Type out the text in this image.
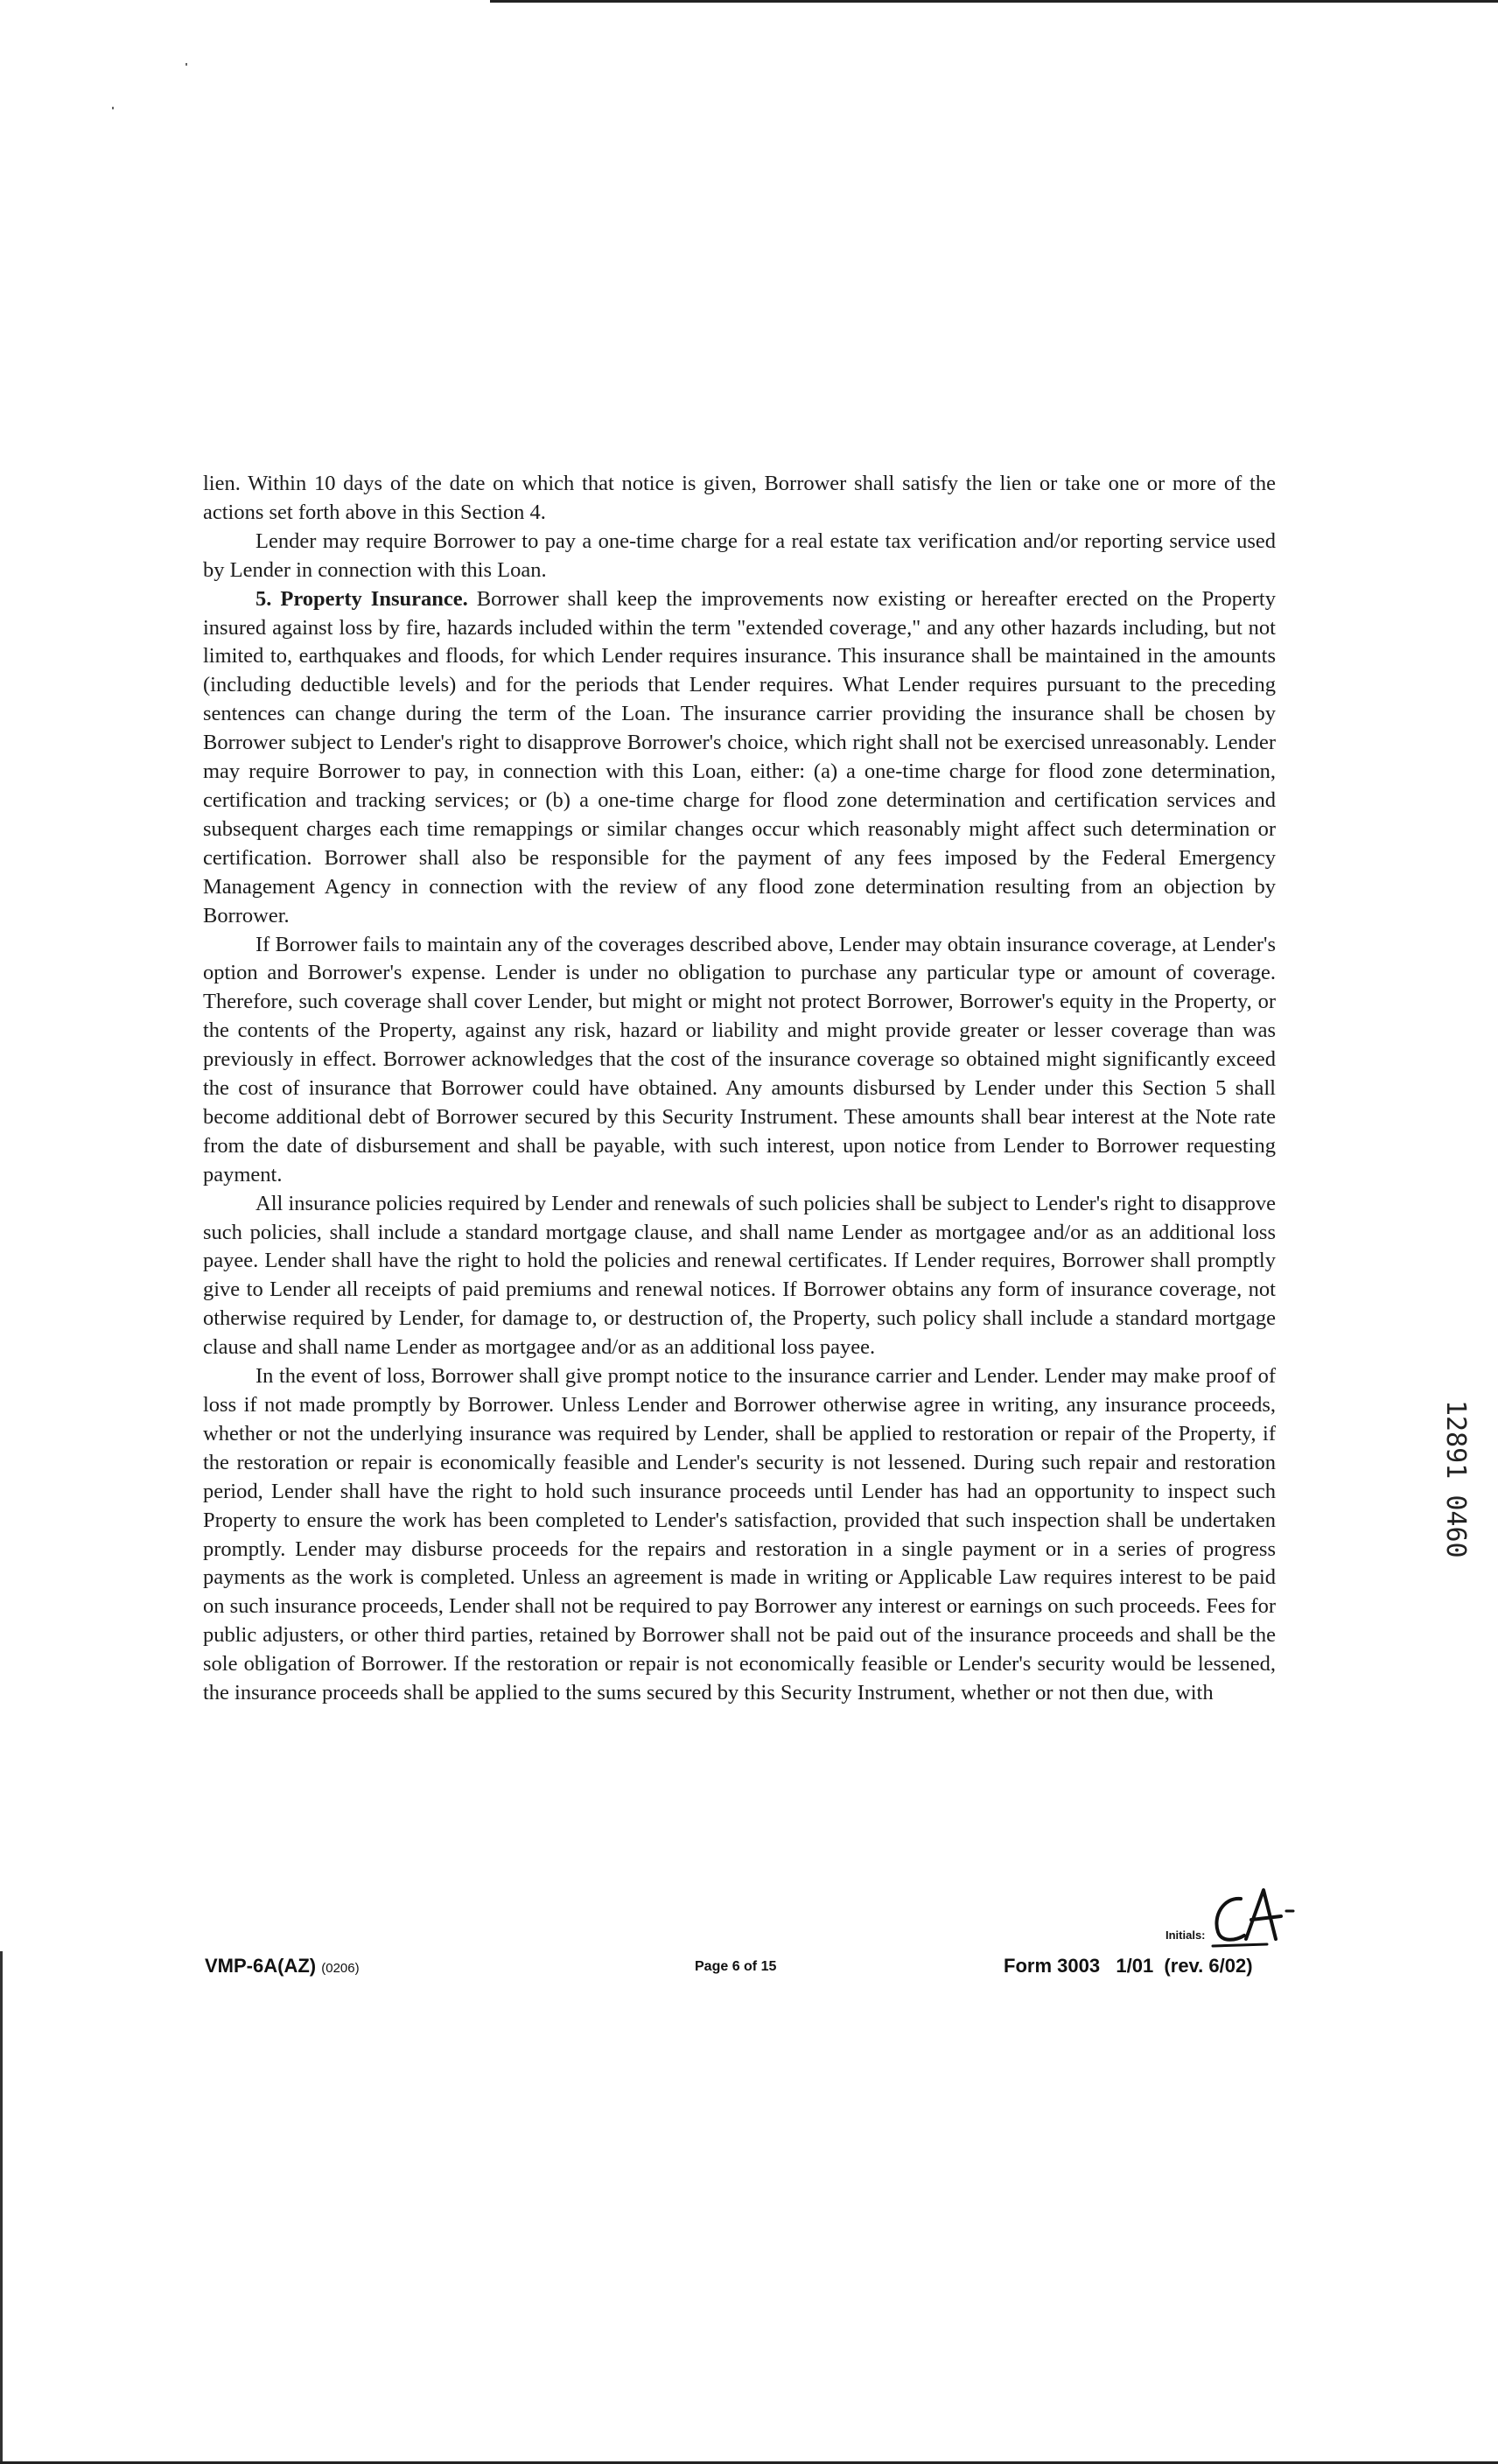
lien. Within 10 days of the date on which that notice is given, Borrower shall satisfy the lien or take one or more of the actions set forth above in this Section 4.

Lender may require Borrower to pay a one-time charge for a real estate tax verification and/or reporting service used by Lender in connection with this Loan.

5. Property Insurance. Borrower shall keep the improvements now existing or hereafter erected on the Property insured against loss by fire, hazards included within the term "extended coverage," and any other hazards including, but not limited to, earthquakes and floods, for which Lender requires insurance. This insurance shall be maintained in the amounts (including deductible levels) and for the periods that Lender requires. What Lender requires pursuant to the preceding sentences can change during the term of the Loan. The insurance carrier providing the insurance shall be chosen by Borrower subject to Lender's right to disapprove Borrower's choice, which right shall not be exercised unreasonably. Lender may require Borrower to pay, in connection with this Loan, either: (a) a one-time charge for flood zone determination, certification and tracking services; or (b) a one-time charge for flood zone determination and certification services and subsequent charges each time remappings or similar changes occur which reasonably might affect such determination or certification. Borrower shall also be responsible for the payment of any fees imposed by the Federal Emergency Management Agency in connection with the review of any flood zone determination resulting from an objection by Borrower.

If Borrower fails to maintain any of the coverages described above, Lender may obtain insurance coverage, at Lender's option and Borrower's expense. Lender is under no obligation to purchase any particular type or amount of coverage. Therefore, such coverage shall cover Lender, but might or might not protect Borrower, Borrower's equity in the Property, or the contents of the Property, against any risk, hazard or liability and might provide greater or lesser coverage than was previously in effect. Borrower acknowledges that the cost of the insurance coverage so obtained might significantly exceed the cost of insurance that Borrower could have obtained. Any amounts disbursed by Lender under this Section 5 shall become additional debt of Borrower secured by this Security Instrument. These amounts shall bear interest at the Note rate from the date of disbursement and shall be payable, with such interest, upon notice from Lender to Borrower requesting payment.

All insurance policies required by Lender and renewals of such policies shall be subject to Lender's right to disapprove such policies, shall include a standard mortgage clause, and shall name Lender as mortgagee and/or as an additional loss payee. Lender shall have the right to hold the policies and renewal certificates. If Lender requires, Borrower shall promptly give to Lender all receipts of paid premiums and renewal notices. If Borrower obtains any form of insurance coverage, not otherwise required by Lender, for damage to, or destruction of, the Property, such policy shall include a standard mortgage clause and shall name Lender as mortgagee and/or as an additional loss payee.

In the event of loss, Borrower shall give prompt notice to the insurance carrier and Lender. Lender may make proof of loss if not made promptly by Borrower. Unless Lender and Borrower otherwise agree in writing, any insurance proceeds, whether or not the underlying insurance was required by Lender, shall be applied to restoration or repair of the Property, if the restoration or repair is economically feasible and Lender's security is not lessened. During such repair and restoration period, Lender shall have the right to hold such insurance proceeds until Lender has had an opportunity to inspect such Property to ensure the work has been completed to Lender's satisfaction, provided that such inspection shall be undertaken promptly. Lender may disburse proceeds for the repairs and restoration in a single payment or in a series of progress payments as the work is completed. Unless an agreement is made in writing or Applicable Law requires interest to be paid on such insurance proceeds, Lender shall not be required to pay Borrower any interest or earnings on such proceeds. Fees for public adjusters, or other third parties, retained by Borrower shall not be paid out of the insurance proceeds and shall be the sole obligation of Borrower. If the restoration or repair is not economically feasible or Lender's security would be lessened, the insurance proceeds shall be applied to the sums secured by this Security Instrument, whether or not then due, with

12891 0460
VMP-6A(AZ) (0206)	Page 6 of 15	Form 3003   1/01  (rev. 6/02)
Initials:
